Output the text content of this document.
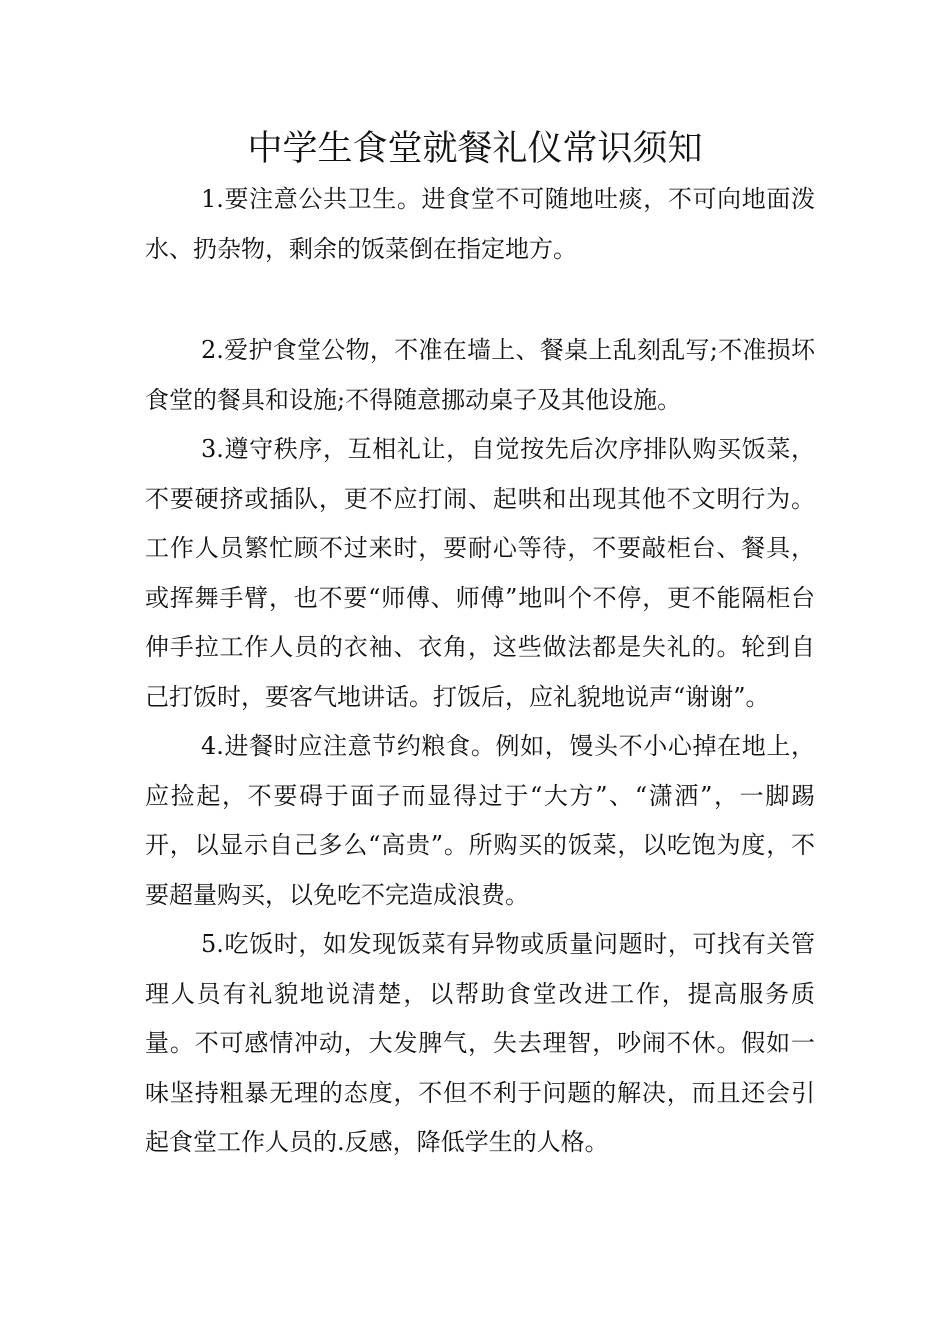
中学生食堂就餐礼仪常识须知

1.要注意公共卫生。进食堂不可随地吐痰，不可向地面泼水、扔杂物，剩余的饭菜倒在指定地方。

2.爱护食堂公物，不准在墙上、餐桌上乱刻乱写;不准损坏食堂的餐具和设施;不得随意挪动桌子及其他设施。

3.遵守秩序，互相礼让，自觉按先后次序排队购买饭菜，不要硬挤或插队，更不应打闹、起哄和出现其他不文明行为。工作人员繁忙顾不过来时，要耐心等待，不要敲柜台、餐具，或挥舞手臂，也不要“师傅、师傅”地叫个不停，更不能隔柜台伸手拉工作人员的衣袖、衣角，这些做法都是失礼的。轮到自己打饭时，要客气地讲话。打饭后，应礼貌地说声“谢谢”。

4.进餐时应注意节约粮食。例如，馒头不小心掉在地上，应捡起，不要碍于面子而显得过于“大方”、“潇洒”，一脚踢开，以显示自己多么“高贵”。所购买的饭菜，以吃饱为度，不要超量购买，以免吃不完造成浪费。

5.吃饭时，如发现饭菜有异物或质量问题时，可找有关管理人员有礼貌地说清楚，以帮助食堂改进工作，提高服务质量。不可感情冲动，大发脾气，失去理智，吵闹不休。假如一味坚持粗暴无理的态度，不但不利于问题的解决，而且还会引起食堂工作人员的.反感，降低学生的人格。
